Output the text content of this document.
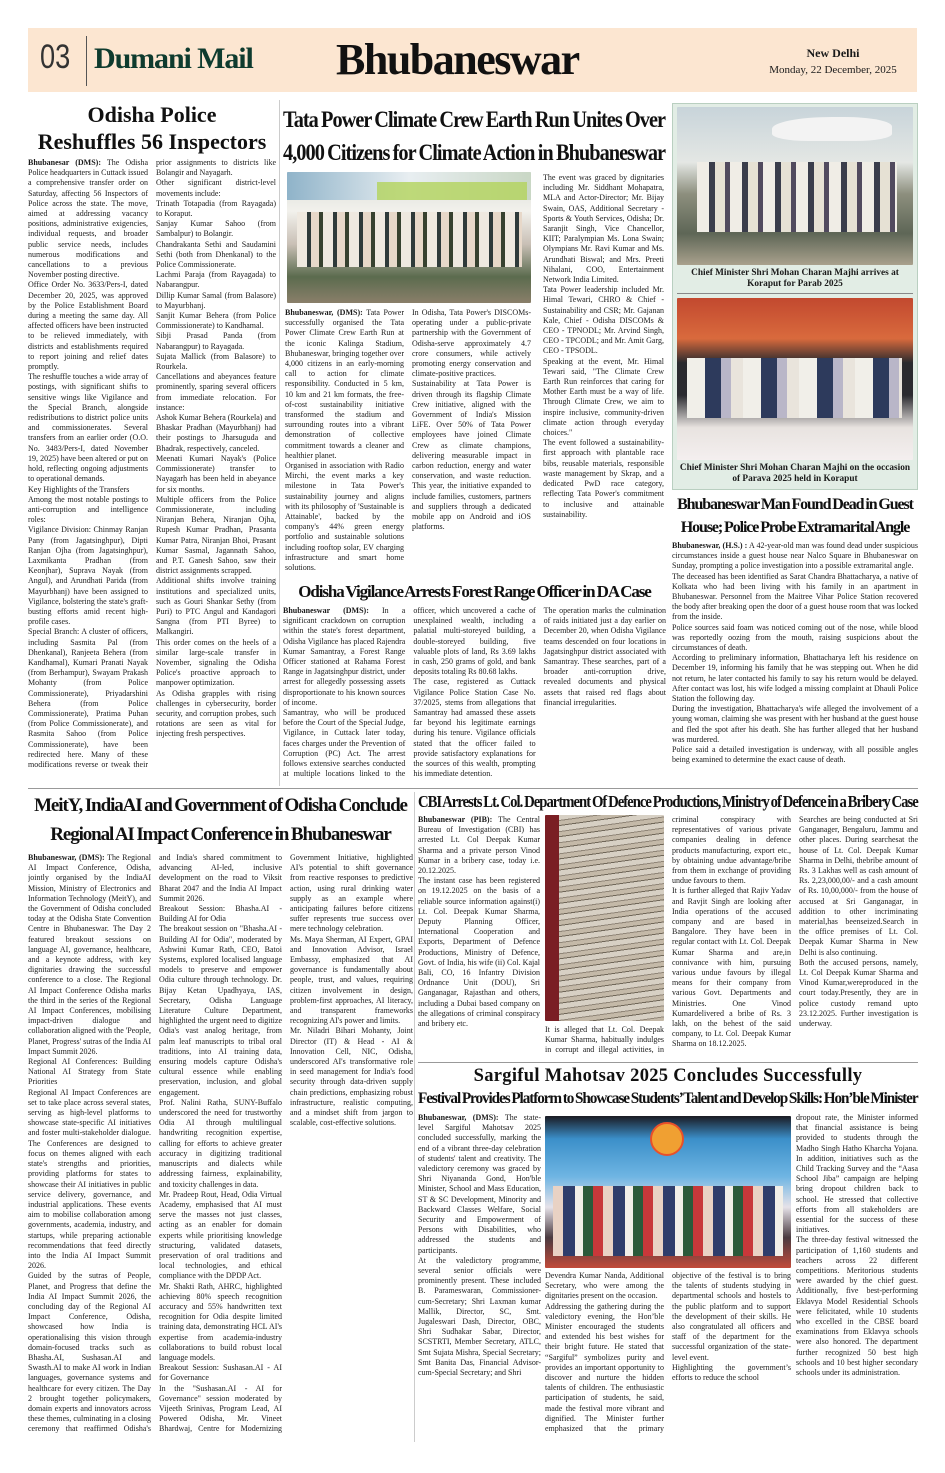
03 Dumani Mail Bhubaneswar	New Delhi
Monday, 22 December, 2025
Odisha Police
Reshuffles 56 Inspectors

Bhubanesar (DMS): The Odisha Police headquarters in Cuttack issued a comprehensive transfer order on Saturday, affecting 56 Inspectors of Police across the state. The move, aimed at addressing vacancy positions, administrative exigencies, individual requests, and broader public service needs, includes numerous modifications and cancellations to a previous November posting directive.

Office Order No. 3633/Pers-I, dated December 20, 2025, was approved by the Police Establishment Board during a meeting the same day. All affected officers have been instructed to be relieved immediately, with districts and establishments required to report joining and relief dates promptly.

The reshuffle touches a wide array of postings, with significant shifts to sensitive wings like Vigilance and the Special Branch, alongside redistributions to district police units and commissionerates. Several transfers from an earlier order (O.O. No. 3483/Pers-I, dated November 19, 2025) have been altered or put on hold, reflecting ongoing adjustments to operational demands.

Key Highlights of the Transfers

Among the most notable postings to anti-corruption and intelligence roles:

Vigilance Division: Chinmay Ranjan Pany (from Jagatsinghpur), Dipti Ranjan Ojha (from Jagatsinghpur), Laxmikanta Pradhan (from Keonjhar), Suprava Nayak (from Angul), and Arundhati Parida (from Mayurbhanj) have been assigned to Vigilance, bolstering the state's graft-busting efforts amid recent high-profile cases.

Special Branch: A cluster of officers, including Sasmita Pal (from Dhenkanal), Ranjeeta Behera (from Kandhamal), Kumari Pranati Nayak (from Berhampur), Swayam Prakash Mohanty (from Police Commissionerate), Priyadarshini Behera (from Police Commissionerate), Pratima Puhan (from Police Commissionerate), and Rasmita Sahoo (from Police Commissionerate), have been redirected here. Many of these modifications reverse or tweak their prior assignments to districts like Bolangir and Nayagarh.

Other significant district-level movements include:

Trinath Totapadia (from Rayagada) to Koraput.

Sanjay Kumar Sahoo (from Sambalpur) to Bolangir.

Chandrakanta Sethi and Saudamini Sethi (both from Dhenkanal) to the Police Commissionerate.

Lachmi Paraja (from Rayagada) to Nabarangpur.

Dillip Kumar Samal (from Balasore) to Mayurbhanj.

Sanjit Kumar Behera (from Police Commissionerate) to Kandhamal.

Sibji Prasad Panda (from Nabarangpur) to Rayagada.

Sujata Mallick (from Balasore) to Rourkela.

Cancellations and abeyances feature prominently, sparing several officers from immediate relocation. For instance:

Ashok Kumar Behera (Rourkela) and Bhaskar Pradhan (Mayurbhanj) had their postings to Jharsuguda and Bhadrak, respectively, canceled.

Meenati Kumari Nayak's (Police Commissionerate) transfer to Nayagarh has been held in abeyance for six months.

Multiple officers from the Police Commissionerate, including Niranjan Behera, Niranjan Ojha, Rupesh Kumar Pradhan, Prasanta Kumar Patra, Niranjan Bhoi, Prasant Kumar Sasmal, Jagannath Sahoo, and P.T. Ganesh Sahoo, saw their district assignments scrapped.

Additional shifts involve training institutions and specialized units, such as Gouri Shankar Sethy (from Puri) to PTC Angul and Kandagori Sangna (from PTI Byree) to Malkangiri.

This order comes on the heels of a similar large-scale transfer in November, signaling the Odisha Police's proactive approach to manpower optimization.

As Odisha grapples with rising challenges in cybersecurity, border security, and corruption probes, such rotations are seen as vital for injecting fresh perspectives.

Tata Power Climate Crew Earth Run Unites Over
4,000 Citizens for Climate Action in Bhubaneswar

Bhubaneswar, (DMS): Tata Power successfully organised the Tata Power Climate Crew Earth Run at the iconic Kalinga Stadium, Bhubaneswar, bringing together over 4,000 citizens in an early-morning call to action for climate responsibility. Conducted in 5 km, 10 km and 21 km formats, the free-of-cost sustainability initiative transformed the stadium and surrounding routes into a vibrant demonstration of collective commitment towards a cleaner and healthier planet.

Organised in association with Radio Mirchi, the event marks a key milestone in Tata Power's sustainability journey and aligns with its philosophy of 'Sustainable is Attainable', backed by the company's 44% green energy portfolio and sustainable solutions including rooftop solar, EV charging infrastructure and smart home solutions.

In Odisha, Tata Power's DISCOMs-operating under a public-private partnership with the Government of Odisha-serve approximately 4.7 crore consumers, while actively promoting energy conservation and climate-positive practices.

Sustainability at Tata Power is driven through its flagship Climate Crew initiative, aligned with the Government of India's Mission LiFE. Over 50% of Tata Power employees have joined Climate Crew as climate champions, delivering measurable impact in carbon reduction, energy and water conservation, and waste reduction. This year, the initiative expanded to include families, customers, partners and suppliers through a dedicated mobile app on Android and iOS platforms.

The event was graced by dignitaries including Mr. Siddhant Mohapatra, MLA and Actor-Director; Mr. Bijay Swain, OAS, Additional Secretary - Sports & Youth Services, Odisha; Dr. Saranjit Singh, Vice Chancellor, KIIT; Paralympian Ms. Lona Swain; Olympians Mr. Ravi Kumar and Ms. Arundhati Biswal; and Mrs. Preeti Nihalani, COO, Entertainment Network India Limited.

Tata Power leadership included Mr. Himal Tewari, CHRO & Chief - Sustainability and CSR; Mr. Gajanan Kale, Chief - Odisha DISCOMs & CEO - TPNODL; Mr. Arvind Singh, CEO - TPCODL; and Mr. Amit Garg, CEO - TPSODL.

Speaking at the event, Mr. Himal Tewari said, "The Climate Crew Earth Run reinforces that caring for Mother Earth must be a way of life. Through Climate Crew, we aim to inspire inclusive, community-driven climate action through everyday choices."

The event followed a sustainability-first approach with plantable race bibs, reusable materials, responsible waste management by Skrap, and a dedicated PwD race category, reflecting Tata Power's commitment to inclusive and attainable sustainability.

Chief Minister Shri Mohan Charan Majhi arrives at Koraput for Parab 2025
Chief Minister Shri Mohan Charan Majhi on the occasion of Parava 2025 held in Koraput
Bhubaneswar Man Found Dead in Guest
House; Police Probe Extramarital Angle

Bhubaneswar, (H.S.) : A 42-year-old man was found dead under suspicious circumstances inside a guest house near Nalco Square in Bhubaneswar on Sunday, prompting a police investigation into a possible extramarital angle.

The deceased has been identified as Sarat Chandra Bhattacharya, a native of Kolkata who had been living with his family in an apartment in Bhubaneswar. Personnel from the Maitree Vihar Police Station recovered the body after breaking open the door of a guest house room that was locked from the inside.

Police sources said foam was noticed coming out of the nose, while blood was reportedly oozing from the mouth, raising suspicions about the circumstances of death.

According to preliminary information, Bhattacharya left his residence on December 19, informing his family that he was stepping out. When he did not return, he later contacted his family to say his return would be delayed. After contact was lost, his wife lodged a missing complaint at Dhauli Police Station the following day.

During the investigation, Bhattacharya's wife alleged the involvement of a young woman, claiming she was present with her husband at the guest house and fled the spot after his death. She has further alleged that her husband was murdered.

Police said a detailed investigation is underway, with all possible angles being examined to determine the exact cause of death.

Odisha Vigilance Arrests Forest Range Officer in DA Case

Bhubaneswar (DMS): In a significant crackdown on corruption within the state's forest department, Odisha Vigilance has placed Rajendra Kumar Samantray, a Forest Range Officer stationed at Rahama Forest Range in Jagatsinghpur district, under arrest for allegedly possessing assets disproportionate to his known sources of income.

Samantray, who will be produced before the Court of the Special Judge, Vigilance, in Cuttack later today, faces charges under the Prevention of Corruption (PC) Act. The arrest follows extensive searches conducted at multiple locations linked to the officer, which uncovered a cache of unexplained wealth, including a palatial multi-storeyed building, a double-storeyed building, five valuable plots of land, Rs 3.69 lakhs in cash, 250 grams of gold, and bank deposits totaling Rs 80.68 lakhs.

The case, registered as Cuttack Vigilance Police Station Case No. 37/2025, stems from allegations that Samantray had amassed these assets far beyond his legitimate earnings during his tenure. Vigilance officials stated that the officer failed to provide satisfactory explanations for the sources of this wealth, prompting his immediate detention.

The operation marks the culmination of raids initiated just a day earlier on December 20, when Odisha Vigilance teams descended on four locations in Jagatsinghpur district associated with Samantray. These searches, part of a broader anti-corruption drive, revealed documents and physical assets that raised red flags about financial irregularities.

MeitY, IndiaAI and Government of Odisha Conclude
Regional AI Impact Conference in Bhubaneswar

Bhubaneswar, (DMS): The Regional AI Impact Conference, Odisha, jointly organised by the IndiaAI Mission, Ministry of Electronics and Information Technology (MeitY), and the Government of Odisha concluded today at the Odisha State Convention Centre in Bhubaneswar. The Day 2 featured breakout sessions on language AI, governance, healthcare, and a keynote address, with key dignitaries drawing the successful conference to a close. The Regional AI Impact Conference Odisha marks the third in the series of the Regional AI Impact Conferences, mobilising impact-driven dialogue and collaboration aligned with the 'People, Planet, Progress' sutras of the India AI Impact Summit 2026.

Regional AI Conferences: Building National AI Strategy from State Priorities

Regional AI Impact Conferences are set to take place across several states, serving as high-level platforms to showcase state-specific AI initiatives and foster multi-stakeholder dialogue. The Conferences are designed to focus on themes aligned with each state's strengths and priorities, providing platforms for states to showcase their AI initiatives in public service delivery, governance, and industrial applications. These events aim to mobilise collaboration among governments, academia, industry, and startups, while preparing actionable recommendations that feed directly into the India AI Impact Summit 2026.

Guided by the sutras of People, Planet, and Progress that define the India AI Impact Summit 2026, the concluding day of the Regional AI Impact Conference, Odisha, showcased how India is operationalising this vision through domain-focused tracks such as Bhasha.AI, Sushasan.AI and Swasth.AI to make AI work in Indian languages, governance systems and healthcare for every citizen. The Day 2 brought together policymakers, domain experts and innovators across these themes, culminating in a closing ceremony that reaffirmed Odisha's and India's shared commitment to advancing AI-led, inclusive development on the road to Viksit Bharat 2047 and the India AI Impact Summit 2026.

Breakout Session: Bhasha.AI - Building AI for Odia

The breakout session on "Bhasha.AI - Building AI for Odia", moderated by Ashwini Kumar Rath, CEO, Batoi Systems, explored localised language models to preserve and empower Odia culture through technology. Dr. Bijay Ketan Upadhyaya, IAS, Secretary, Odisha Language Literature Culture Department, highlighted the urgent need to digitize Odia's vast analog heritage, from palm leaf manuscripts to tribal oral traditions, into AI training data, ensuring models capture Odisha's cultural essence while enabling preservation, inclusion, and global engagement.

Prof. Nalini Ratha, SUNY-Buffalo underscored the need for trustworthy Odia AI through multilingual handwriting recognition expertise, calling for efforts to achieve greater accuracy in digitizing traditional manuscripts and dialects while addressing fairness, explainability, and toxicity challenges in data.

Mr. Pradeep Rout, Head, Odia Virtual Academy, emphasised that AI must serve the masses not just classes, acting as an enabler for domain experts while prioritising knowledge structuring, validated datasets, preservation of oral traditions and local technologies, and ethical compliance with the DPDP Act.

Mr. Shakti Rath, AHRC, highlighted achieving 80% speech recognition accuracy and 55% handwritten text recognition for Odia despite limited training data, demonstrating HCL AI's expertise from academia-industry collaborations to build robust local language models.

Breakout Session: Sushasan.AI - AI for Governance

In the "Sushasan.AI - AI for Governance" session moderated by Vijeeth Srinivas, Program Lead, AI Powered Odisha, Mr. Vineet Bhardwaj, Centre for Modernizing Government Initiative, highlighted AI's potential to shift governance from reactive responses to predictive action, using rural drinking water supply as an example where anticipating failures before citizens suffer represents true success over mere technology celebration.

Ms. Maya Sherman, AI Expert, GPAI and Innovation Advisor, Israel Embassy, emphasized that AI governance is fundamentally about people, trust, and values, requiring citizen involvement in design, problem-first approaches, AI literacy, and transparent frameworks recognizing AI's power and limits.

Mr. Niladri Bihari Mohanty, Joint Director (IT) & Head - AI & Innovation Cell, NIC, Odisha, underscored AI's transformative role in seed management for India's food security through data-driven supply chain predictions, emphasizing robust infrastructure, realistic computing, and a mindset shift from jargon to scalable, cost-effective solutions.

CBI Arrests Lt. Col. Department Of Defence Productions, Ministry of Defence in a Bribery Case

Bhubaneswar (PIB): The Central Bureau of Investigation (CBI) has arrested Lt. Col Deepak Kumar Sharma and a private person Vinod Kumar in a bribery case, today i.e. 20.12.2025.

The instant case has been registered on 19.12.2025 on the basis of a reliable source information against(i) Lt. Col. Deepak Kumar Sharma, Deputy Planning Officer, International Cooperation and Exports, Department of Defence Productions, Ministry of Defence, Govt. of India, his wife (ii) Col. Kajal Bali, CO, 16 Infantry Division Ordnance Unit (DOU), Sri Ganganagar, Rajasthan and others, including a Dubai based company on the allegations of criminal conspiracy and bribery etc.

It is alleged that Lt. Col. Deepak Kumar Sharma, habitually indulges in corrupt and illegal activities, in criminal conspiracy with representatives of various private companies dealing in defence products manufacturing, export etc., by obtaining undue advantage/bribe from them in exchange of providing undue favours to them.

It is further alleged that Rajiv Yadav and Ravjit Singh are looking after India operations of the accused company and are based in Bangalore. They have been in regular contact with Lt. Col. Deepak Kumar Sharma and are,in connivance with him, pursuing various undue favours by illegal means for their company from various Govt. Departments and Ministries. One Vinod Kumardelivered a bribe of Rs. 3 lakh, on the behest of the said company, to Lt. Col. Deepak Kumar Sharma on 18.12.2025.

Searches are being conducted at Sri Ganganager, Bengaluru, Jammu and other places. During searchesat the house of Lt. Col. Deepak Kumar Sharma in Delhi, thebribe amount of Rs. 3 Lakhas well as cash amount of Rs. 2,23,000,00/- and a cash amount of Rs. 10,00,000/- from the house of accused at Sri Ganganagar, in addition to other incriminating material,has beenseized.Search in the office premises of Lt. Col. Deepak Kumar Sharma in New Delhi is also continuing.

Both the accused persons, namely, Lt. Col Deepak Kumar Sharma and Vinod Kumar,wereproduced in the court today.Presently, they are in police custody remand upto 23.12.2025. Further investigation is underway.

Sargiful Mahotsav 2025 Concludes Successfully
Festival Provides Platform to Showcase Students’ Talent and Develop Skills: Hon’ble Minister

Bhubaneswar, (DMS): The state-level Sargiful Mahotsav 2025 concluded successfully, marking the end of a vibrant three-day celebration of students' talent and creativity. The valedictory ceremony was graced by Shri Niyananda Gond, Hon'ble Minister, School and Mass Education, ST & SC Development, Minority and Backward Classes Welfare, Social Security and Empowerment of Persons with Disabilities, who addressed the students and participants.

At the valedictory programme, several senior officials were prominently present. These included B. Parameswaran, Commissioner-cum-Secretary; Shri Laxman kumar Mallik, Director, SC, Smt. Jugaleswari Dash, Director, OBC, Shri Sudhakar Sabar, Director, SCSTRTI, Member Secretary, ATLC, Smt Sujata Mishra, Special Secretary; Smt Banita Das, Financial Advisor-cum-Special Secretary; and Shri

Devendra Kumar Nanda, Additional Secretary, who were among the dignitaries present on the occasion.

Addressing the gathering during the valedictory evening, the Hon’ble Minister encouraged the students and extended his best wishes for their bright future. He stated that “Sargiful” symbolizes purity and provides an important opportunity to discover and nurture the hidden talents of children. The enthusiastic participation of students, he said, made the festival more vibrant and dignified. The Minister further emphasized that the primary objective of the festival is to bring the talents of students studying in departmental schools and hostels to the public platform and to support the development of their skills. He also congratulated all officers and staff of the department for the successful organization of the state-level event.

Highlighting the government’s efforts to reduce the school

dropout rate, the Minister informed that financial assistance is being provided to students through the Madho Singh Hatho Kharcha Yojana. In addition, initiatives such as the Child Tracking Survey and the “Aasa School Jiba” campaign are helping bring dropout children back to school. He stressed that collective efforts from all stakeholders are essential for the success of these initiatives.

The three-day festival witnessed the participation of 1,160 students and teachers across 22 different competitions. Meritorious students were awarded by the chief guest. Additionally, five best-performing Eklavya Model Residential Schools were felicitated, while 10 students who excelled in the CBSE board examinations from Eklavya schools were also honored. The department further recognized 50 best high schools and 10 best higher secondary schools under its administration.
